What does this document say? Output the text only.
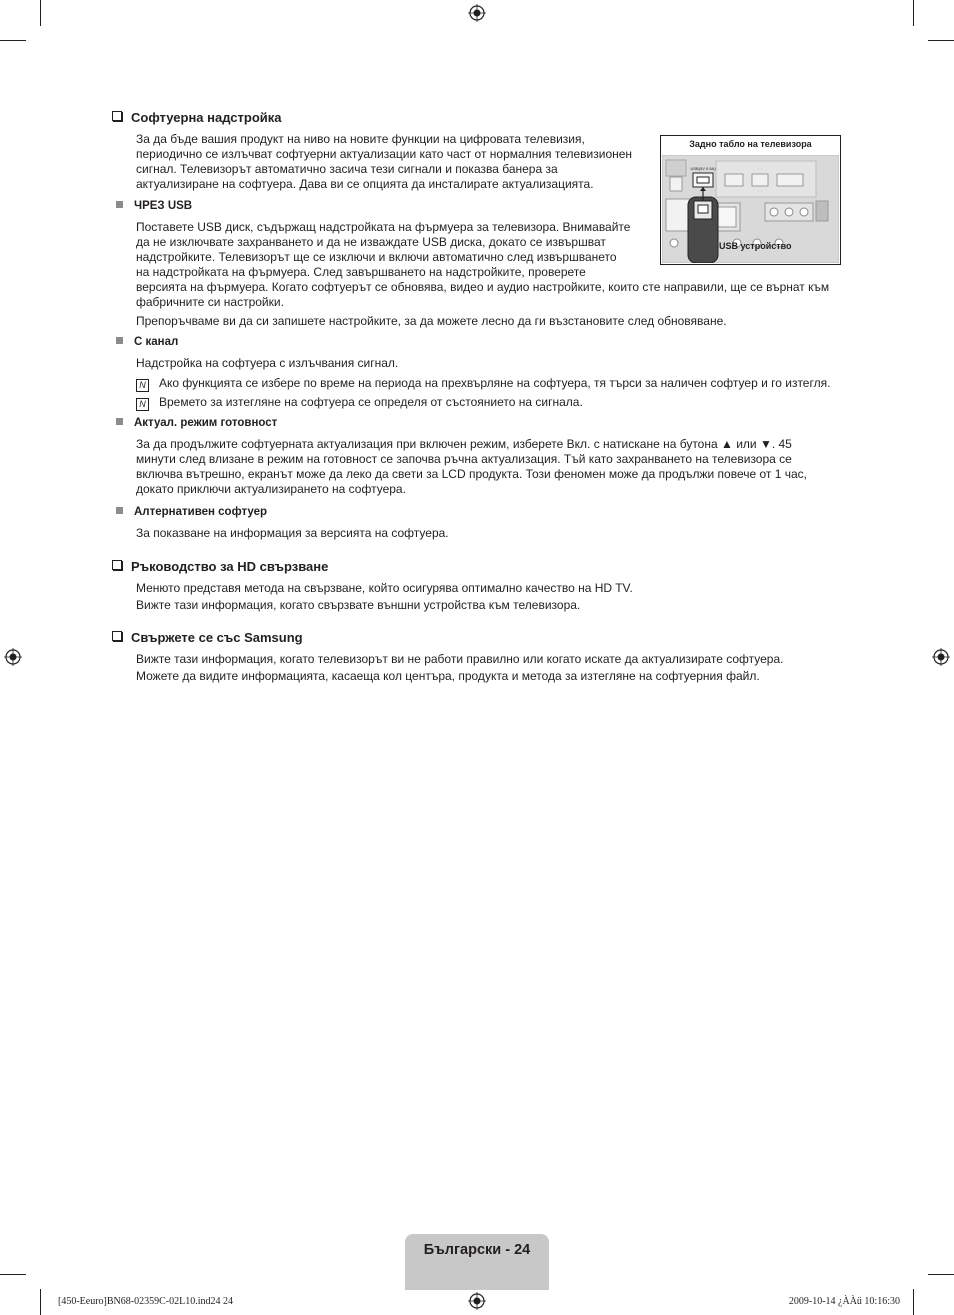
Софтуерна надстройка
За да бъде вашия продукт на ниво на новите функции на цифровата телевизия,
периодично се излъчват софтуерни актуализации като част от нормалния телевизионен
сигнал. Телевизорът автоматично засича тези сигнали и показва банера за
актуализиране на софтуера. Дава ви се опцията да инсталирате актуализацията.
ЧРЕЗ USB
Поставете USB диск, съдържащ надстройката на фърмуера за телевизора. Внимавайте
да не изключвате захранването и да не изваждате USB диска, докато се извършват
надстройките. Телевизорът ще се изключи и включи автоматично след извършването
на надстройката на фърмуера. След завършването на надстройките, проверете
версията на фърмуера. Когато софтуерът се обновява, видео и аудио настройките, които сте направили, ще се върнат към
фабричните си настройки.
Препоръчваме ви да си запишете настройките, за да можете лесно да ги възстановите след обновяване.
Задно табло на телевизора
USB(5V 0.5A)
USB устройство
С канал
Надстройка на софтуера с излъчвания сигнал.
N Ако функцията се избере по време на периода на прехвърляне на софтуера, тя търси за наличен софтуер и го изтегля.
N Времето за изтегляне на софтуера се определя от състоянието на сигнала.
Актуал. режим готовност
За да продължите софтуерната актуализация при включен режим, изберете Вкл. с натискане на бутона ▲ или ▼. 45
минути след влизане в режим на готовност се започва ръчна актуализация. Тъй като захранването на телевизора се
включва вътрешно, екранът може да леко да свети за LCD продукта. Този феномен може да продължи повече от 1 час,
докато приключи актуализирането на софтуера.
Алтернативен софтуер
За показване на информация за версията на софтуера.
Ръководство за HD свързване
Менюто представя метода на свързване, който осигурява оптимално качество на HD TV.
Вижте тази информация, когато свързвате външни устройства към телевизора.
Свържете се със Samsung
Вижте тази информация, когато телевизорът ви не работи правилно или когато искате да актуализирате софтуера.
Можете да видите информацията, касаеща кол центъра, продукта и метода за изтегляне на софтуерния файл.
Български - 24
[450-Eeuro]BN68-02359C-02L10.ind24 24	2009-10-14 ¿ÀÀü 10:16:30
